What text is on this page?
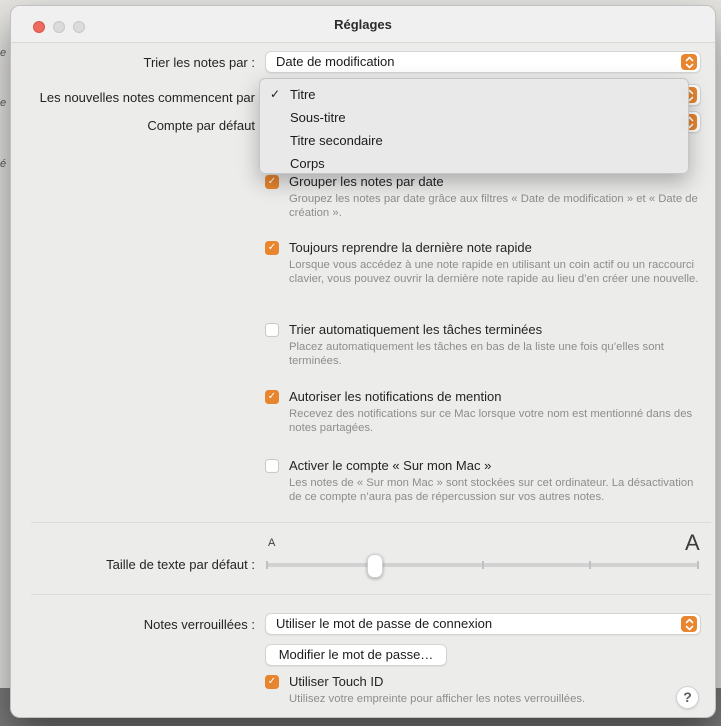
e
e
é
Réglages
Trier les notes par : Date de modification
Les nouvelles notes commencent par
Compte par défaut
✓ Titre
Sous-titre
Titre secondaire
Corps
✓ Grouper les notes par date
Groupez les notes par date grâce aux filtres « Date de modification » et « Date de création ».
✓ Toujours reprendre la dernière note rapide
Lorsque vous accédez à une note rapide en utilisant un coin actif ou un raccourci clavier, vous pouvez ouvrir la dernière note rapide au lieu d’en créer une nouvelle.
Trier automatiquement les tâches terminées
Placez automatiquement les tâches en bas de la liste une fois qu’elles sont terminées.
✓ Autoriser les notifications de mention
Recevez des notifications sur ce Mac lorsque votre nom est mentionné dans des notes partagées.
Activer le compte « Sur mon Mac »
Les notes de « Sur mon Mac » sont stockées sur cet ordinateur. La désactivation de ce compte n’aura pas de répercussion sur vos autres notes.
A	A
Taille de texte par défaut :
Notes verrouillées : Utiliser le mot de passe de connexion
Modifier le mot de passe…
✓ Utiliser Touch ID
Utilisez votre empreinte pour afficher les notes verrouillées.	?
